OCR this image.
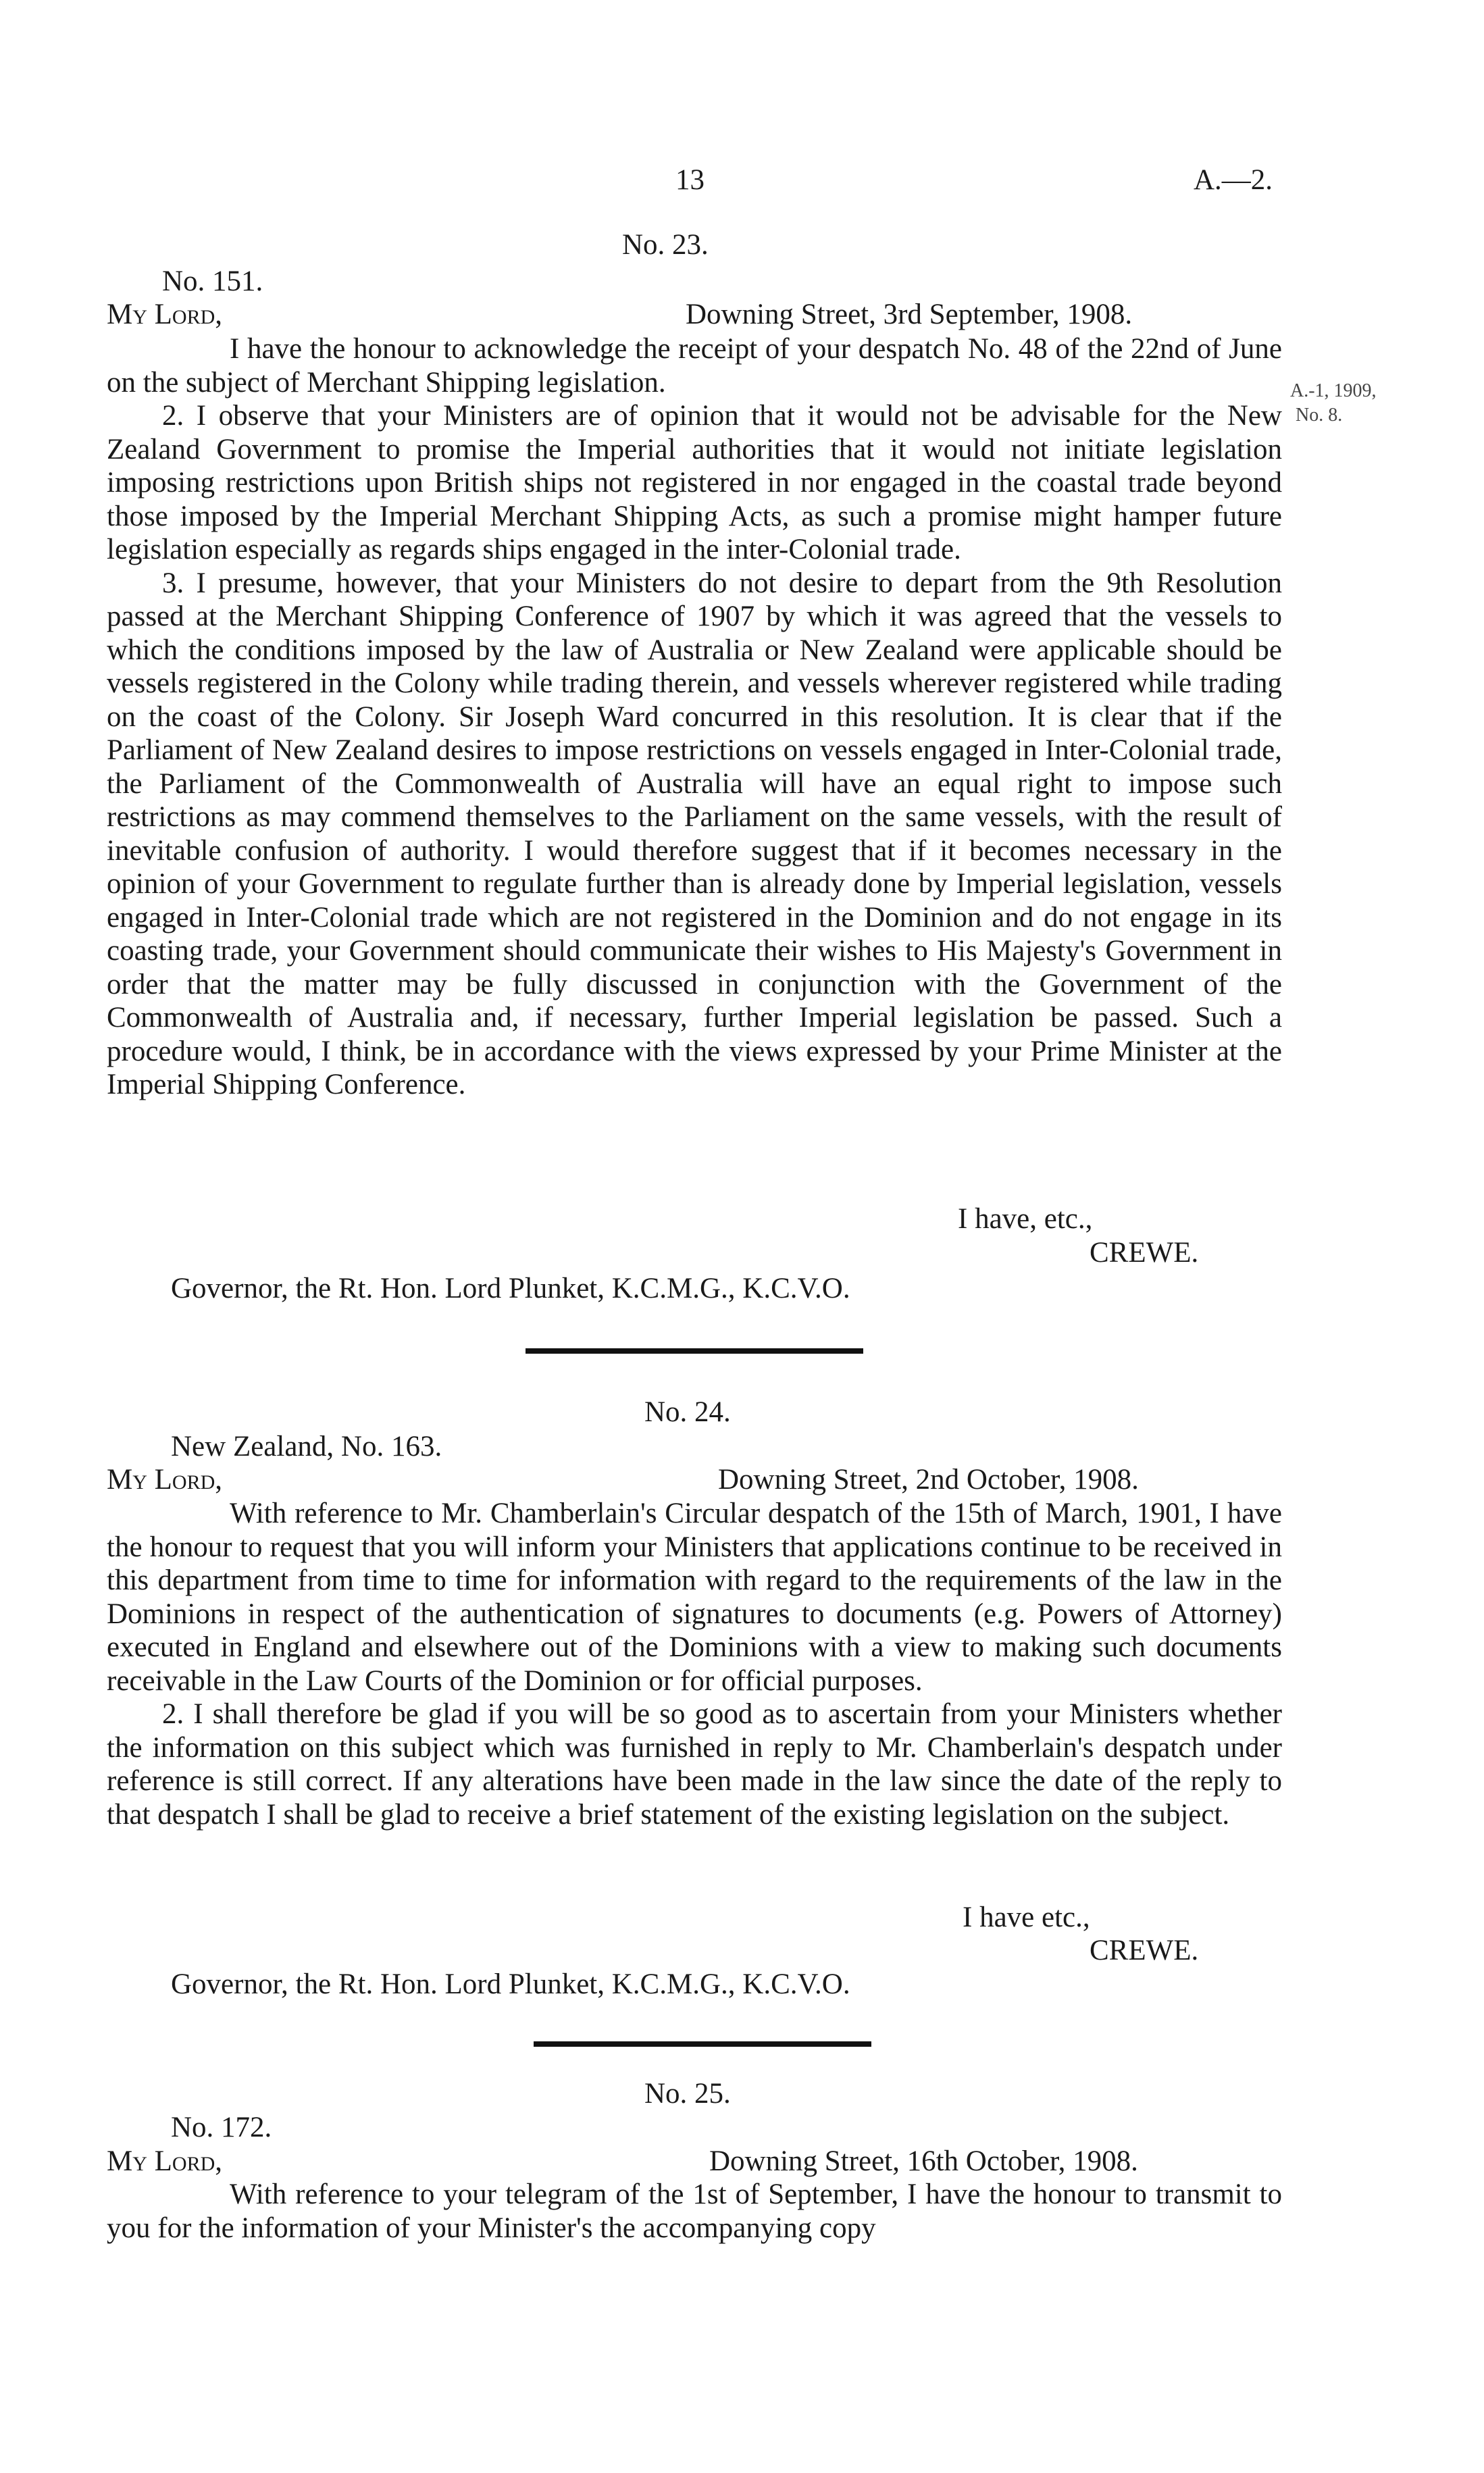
13	A.—2.
No. 23.
No. 151.
My Lord,	Downing Street, 3rd September, 1908.
A.-1, 1909,
No. 8.

I have the honour to acknowledge the receipt of your despatch No. 48 of the 22nd of June on the subject of Merchant Shipping legislation.

2. I observe that your Ministers are of opinion that it would not be advisable for the New Zealand Government to promise the Imperial authorities that it would not initiate legislation imposing restrictions upon British ships not registered in nor engaged in the coastal trade beyond those imposed by the Imperial Merchant Shipping Acts, as such a promise might hamper future legislation especially as regards ships engaged in the inter-Colonial trade.

3. I presume, however, that your Ministers do not desire to depart from the 9th Resolution passed at the Merchant Shipping Conference of 1907 by which it was agreed that the vessels to which the conditions imposed by the law of Australia or New Zealand were applicable should be vessels registered in the Colony while trading therein, and vessels wherever registered while trading on the coast of the Colony. Sir Joseph Ward concurred in this resolution. It is clear that if the Parliament of New Zealand desires to impose restrictions on vessels engaged in Inter-Colonial trade, the Parliament of the Commonwealth of Australia will have an equal right to impose such restrictions as may commend themselves to the Parliament on the same vessels, with the result of inevitable confusion of authority. I would therefore suggest that if it becomes necessary in the opinion of your Government to regulate further than is already done by Imperial legislation, vessels engaged in Inter-Colonial trade which are not registered in the Dominion and do not engage in its coasting trade, your Government should communicate their wishes to His Majesty's Government in order that the matter may be fully discussed in conjunction with the Government of the Commonwealth of Australia and, if necessary, further Imperial legislation be passed. Such a procedure would, I think, be in accordance with the views expressed by your Prime Minister at the Imperial Shipping Conference.

I have, etc.,
CREWE.
Governor, the Rt. Hon. Lord Plunket, K.C.M.G., K.C.V.O.
No. 24.
New Zealand, No. 163.
My Lord,	Downing Street, 2nd October, 1908.

With reference to Mr. Chamberlain's Circular despatch of the 15th of March, 1901, I have the honour to request that you will inform your Ministers that applications continue to be received in this department from time to time for information with regard to the requirements of the law in the Dominions in respect of the authentication of signatures to documents (e.g. Powers of Attorney) executed in England and elsewhere out of the Dominions with a view to making such documents receivable in the Law Courts of the Dominion or for official purposes.

2. I shall therefore be glad if you will be so good as to ascertain from your Ministers whether the information on this subject which was furnished in reply to Mr. Chamberlain's despatch under reference is still correct. If any alterations have been made in the law since the date of the reply to that despatch I shall be glad to receive a brief statement of the existing legislation on the subject.

I have etc.,
CREWE.
Governor, the Rt. Hon. Lord Plunket, K.C.M.G., K.C.V.O.
No. 25.
No. 172.
My Lord,	Downing Street, 16th October, 1908.

With reference to your telegram of the 1st of September, I have the honour to transmit to you for the information of your Minister's the accompanying copy
